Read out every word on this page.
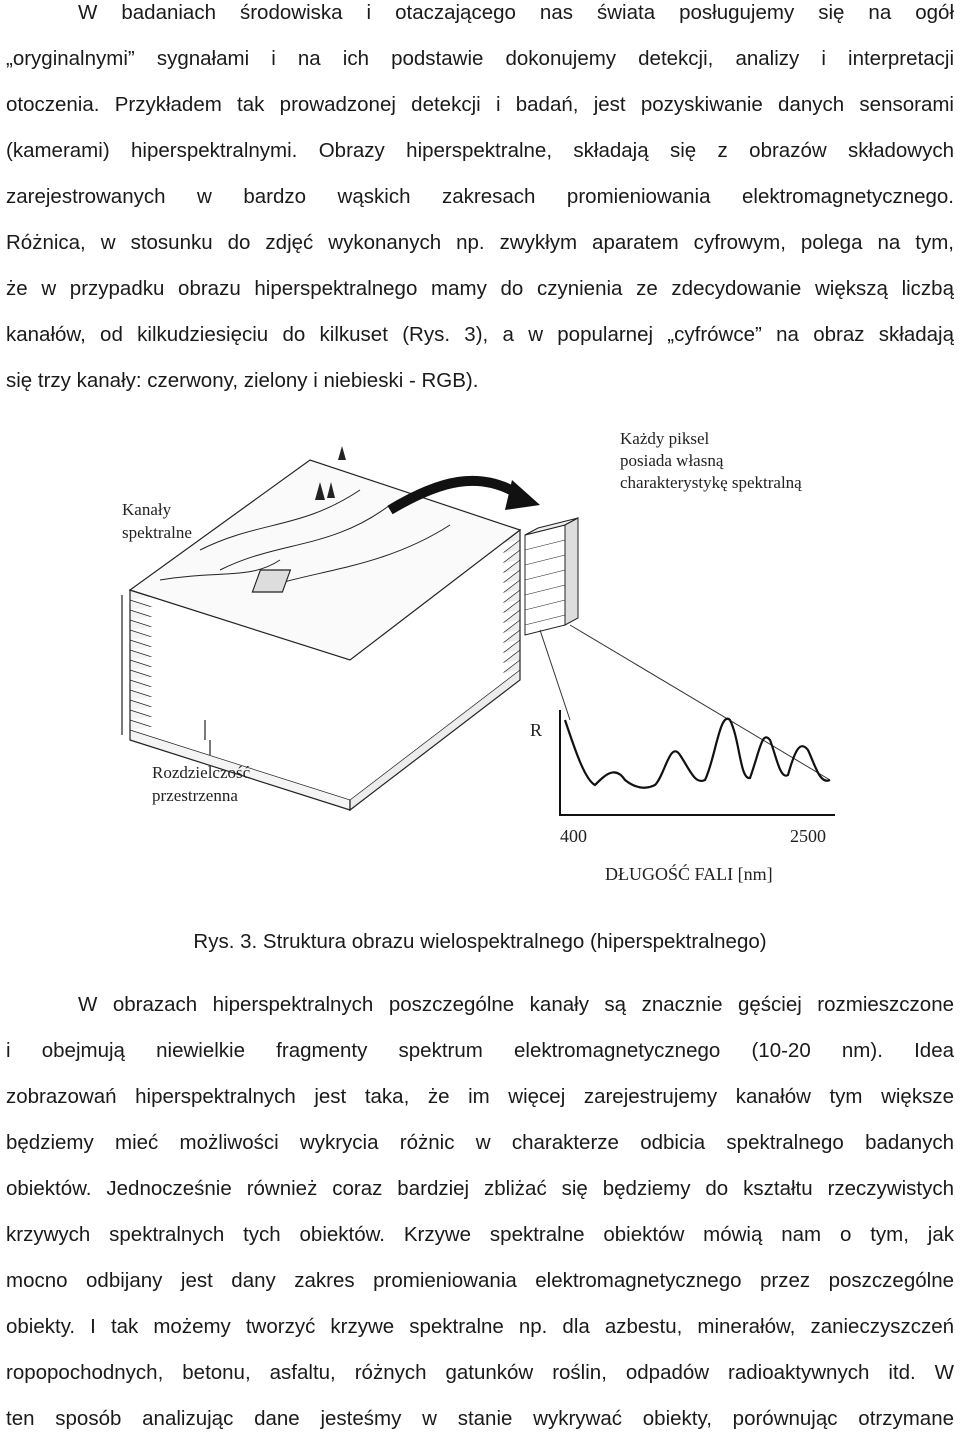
W badaniach środowiska i otaczającego nas świata posługujemy się na ogół
„oryginalnymi” sygnałami i na ich podstawie dokonujemy detekcji, analizy i interpretacji
otoczenia. Przykładem tak prowadzonej detekcji i badań, jest pozyskiwanie danych sensorami
(kamerami) hiperspektralnymi. Obrazy hiperspektralne, składają się z obrazów składowych
zarejestrowanych w bardzo wąskich zakresach promieniowania elektromagnetycznego.
Różnica, w stosunku do zdjęć wykonanych np. zwykłym aparatem cyfrowym, polega na tym,
że w przypadku obrazu hiperspektralnego mamy do czynienia ze zdecydowanie większą liczbą
kanałów, od kilkudziesięciu do kilkuset (Rys. 3), a w popularnej „cyfrówce” na obraz składają
się trzy kanały: czerwony, zielony i niebieski - RGB).
Kanały spektralne
Rozdzielczość przestrzenna
Każdy piksel posiada własną charakterystykę spektralną
R
400	2500
DŁUGOŚĆ FALI [nm]
Rys. 3. Struktura obrazu wielospektralnego (hiperspektralnego)
W obrazach hiperspektralnych poszczególne kanały są znacznie gęściej rozmieszczone
i obejmują niewielkie fragmenty spektrum elektromagnetycznego (10-20 nm). Idea
zobrazowań hiperspektralnych jest taka, że im więcej zarejestrujemy kanałów tym większe
będziemy mieć możliwości wykrycia różnic w charakterze odbicia spektralnego badanych
obiektów. Jednocześnie również coraz bardziej zbliżać się będziemy do kształtu rzeczywistych
krzywych spektralnych tych obiektów. Krzywe spektralne obiektów mówią nam o tym, jak
mocno odbijany jest dany zakres promieniowania elektromagnetycznego przez poszczególne
obiekty. I tak możemy tworzyć krzywe spektralne np. dla azbestu, minerałów, zanieczyszczeń
ropopochodnych, betonu, asfaltu, różnych gatunków roślin, odpadów radioaktywnych itd. W
ten sposób analizując dane jesteśmy w stanie wykrywać obiekty, porównując otrzymane
